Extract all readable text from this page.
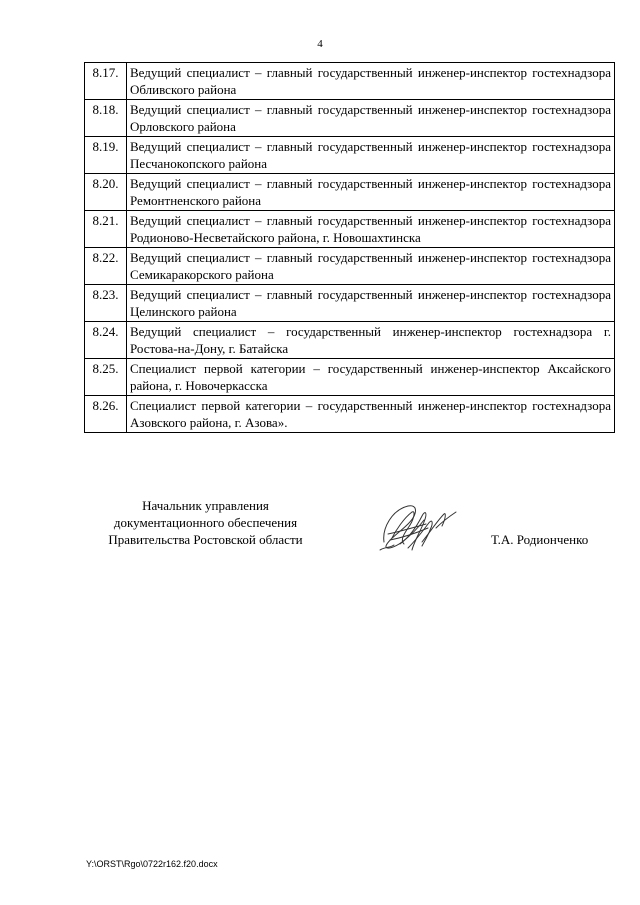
4
8.17.	Ведущий специалист – главный государственный инженер-инспектор гостехнадзора Обливского района
8.18.	Ведущий специалист – главный государственный инженер-инспектор гостехнадзора Орловского района
8.19.	Ведущий специалист – главный государственный инженер-инспектор гостехнадзора Песчанокопского района
8.20.	Ведущий специалист – главный государственный инженер-инспектор гостехнадзора Ремонтненского района
8.21.	Ведущий специалист – главный государственный инженер-инспектор гостехнадзора Родионово-Несветайского района, г. Новошахтинска
8.22.	Ведущий специалист – главный государственный инженер-инспектор гостехнадзора Семикаракорского района
8.23.	Ведущий специалист – главный государственный инженер-инспектор гостехнадзора Целинского района
8.24.	Ведущий специалист – государственный инженер-инспектор гостехнадзора г. Ростова-на-Дону, г. Батайска
8.25.	Специалист первой категории – государственный инженер-инспектор Аксайского района, г. Новочеркасска
8.26.	Специалист первой категории – государственный инженер-инспектор гостехнадзора Азовского района, г. Азова».
Начальник управления
документационного обеспечения
Правительства Ростовской области	Т.А. Родионченко
Y:\ORST\Rgo\0722r162.f20.docx
